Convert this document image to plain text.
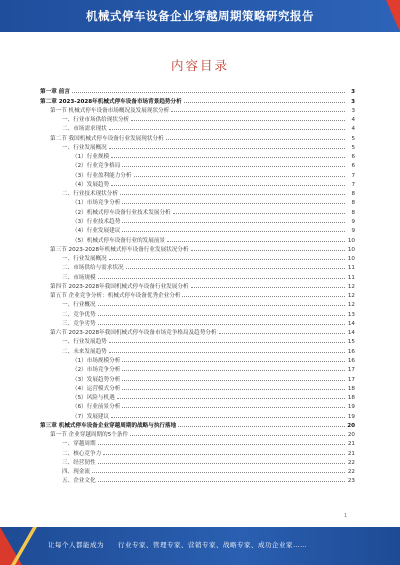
机械式停车设备企业穿越周期策略研究报告
内容目录
第一章 前言	3
第二章 2023-2028年机械式停车设备市场背景趋势分析	3
第一节 机械式停车设备市场概况及发展现状分析	3
一、行业市场供给现状分析	4
二、市场需求现状	4
第二节 我国机械式停车设备行业发展现状分析	5
一、行业发展概况	5
（1）行业规模	6
（2）行业竞争格局	6
（3）行业盈利能力分析	7
（4）发展趋势	7
二、行业技术现状分析	8
（1）市场竞争分析	8
（2）机械式停车设备行业技术发展分析	8
（3）行业技术趋势	9
（4）行业发展建议	9
（5）机械式停车设备行业的发展前景	10
第三节 2023-2028年机械式停车设备行业发展状况分析	10
一、行业发展概况	10
二、市场供给与需求状况	11
三、市场规模	11
第四节 2023-2028年我国机械式停车设备行业发展分析	12
第五节 企业竞争分析：机械式停车设备优秀企业分析	12
一、行业概况	12
二、竞争优势	13
三、竞争劣势	14
第六节 2023-2028年我国机械式停车设备市场竞争格局及趋势分析	14
一、行业发展趋势	15
二、未来发展趋势	16
（1）市场规模分析	16
（2）市场竞争分析	17
（3）发展趋势分析	17
（4）运营模式分析	18
（5）风险与机遇	18
（6）行业前景分析	19
（7）发展建议	19
第三章 机械式停车设备企业穿越周期的战略与执行落地	20
第一节 企业穿越周期的5个条件	20
一、穿越周期	21
二、核心竞争力	21
三、经营韧性	22
四、现金流	22
五、企业文化	23
1
让每个人都能成为 行业专家、管理专家、营销专家、战略专家、成功企业家……
